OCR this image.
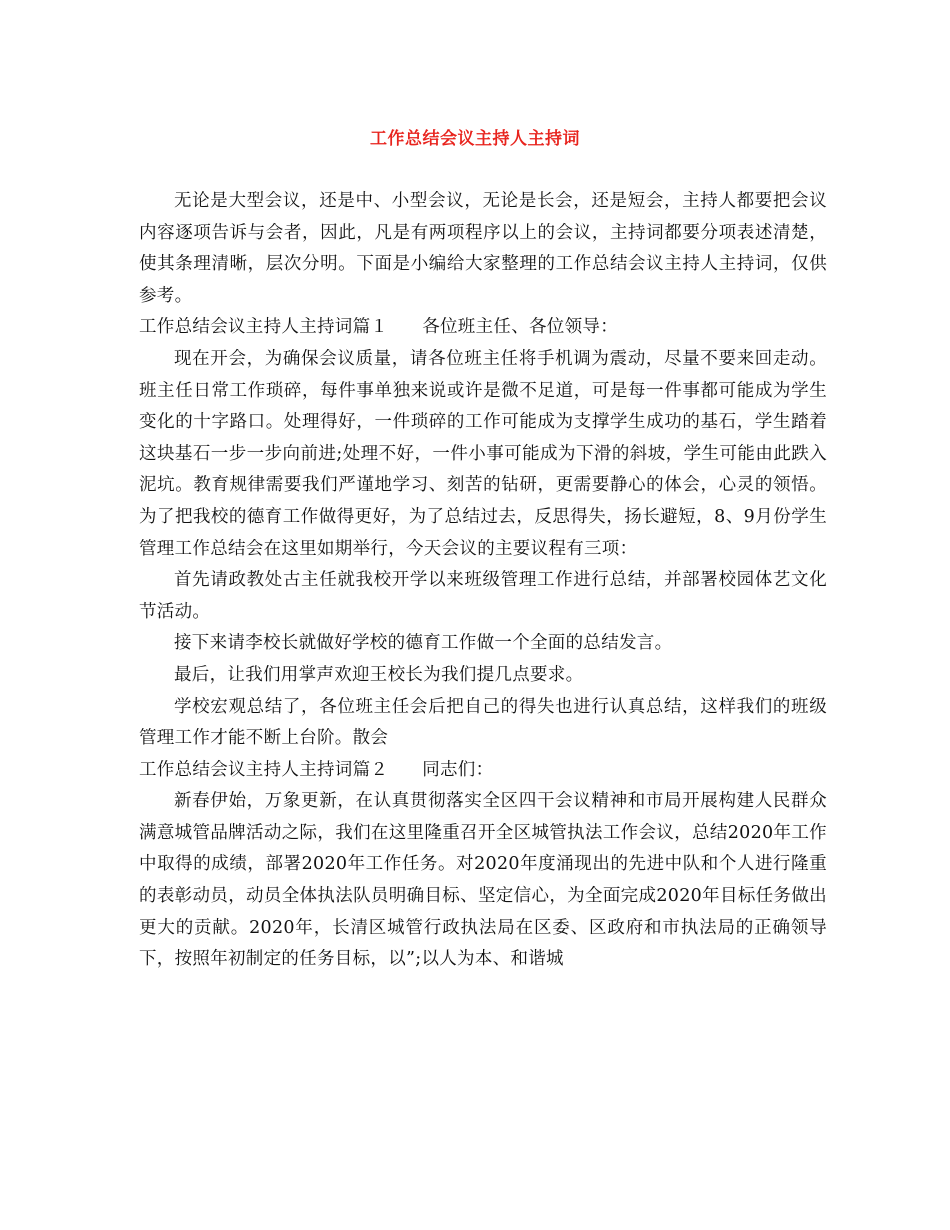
工作总结会议主持人主持词

无论是大型会议，还是中、小型会议，无论是长会，还是短会，主持人都要把会议内容逐项告诉与会者，因此，凡是有两项程序以上的会议，主持词都要分项表述清楚，使其条理清晰，层次分明。下面是小编给大家整理的工作总结会议主持人主持词，仅供参考。

工作总结会议主持人主持词篇１ 各位班主任、各位领导：

现在开会，为确保会议质量，请各位班主任将手机调为震动，尽量不要来回走动。班主任日常工作琐碎，每件事单独来说或许是微不足道，可是每一件事都可能成为学生变化的十字路口。处理得好，一件琐碎的工作可能成为支撑学生成功的基石，学生踏着这块基石一步一步向前进;处理不好，一件小事可能成为下滑的斜坡，学生可能由此跌入泥坑。教育规律需要我们严谨地学习、刻苦的钻研，更需要静心的体会，心灵的领悟。为了把我校的德育工作做得更好，为了总结过去，反思得失，扬长避短，8、9月份学生管理工作总结会在这里如期举行，今天会议的主要议程有三项：

首先请政教处古主任就我校开学以来班级管理工作进行总结，并部署校园体艺文化节活动。

接下来请李校长就做好学校的德育工作做一个全面的总结发言。

最后，让我们用掌声欢迎王校长为我们提几点要求。

学校宏观总结了，各位班主任会后把自己的得失也进行认真总结，这样我们的班级管理工作才能不断上台阶。散会

工作总结会议主持人主持词篇２ 同志们：

新春伊始，万象更新，在认真贯彻落实全区四干会议精神和市局开展构建人民群众满意城管品牌活动之际，我们在这里隆重召开全区城管执法工作会议，总结2020年工作中取得的成绩，部署2020年工作任务。对2020年度涌现出的先进中队和个人进行隆重的表彰动员，动员全体执法队员明确目标、坚定信心，为全面完成2020年目标任务做出更大的贡献。2020年，长清区城管行政执法局在区委、区政府和市执法局的正确领导下，按照年初制定的任务目标，以”;以人为本、和谐城
